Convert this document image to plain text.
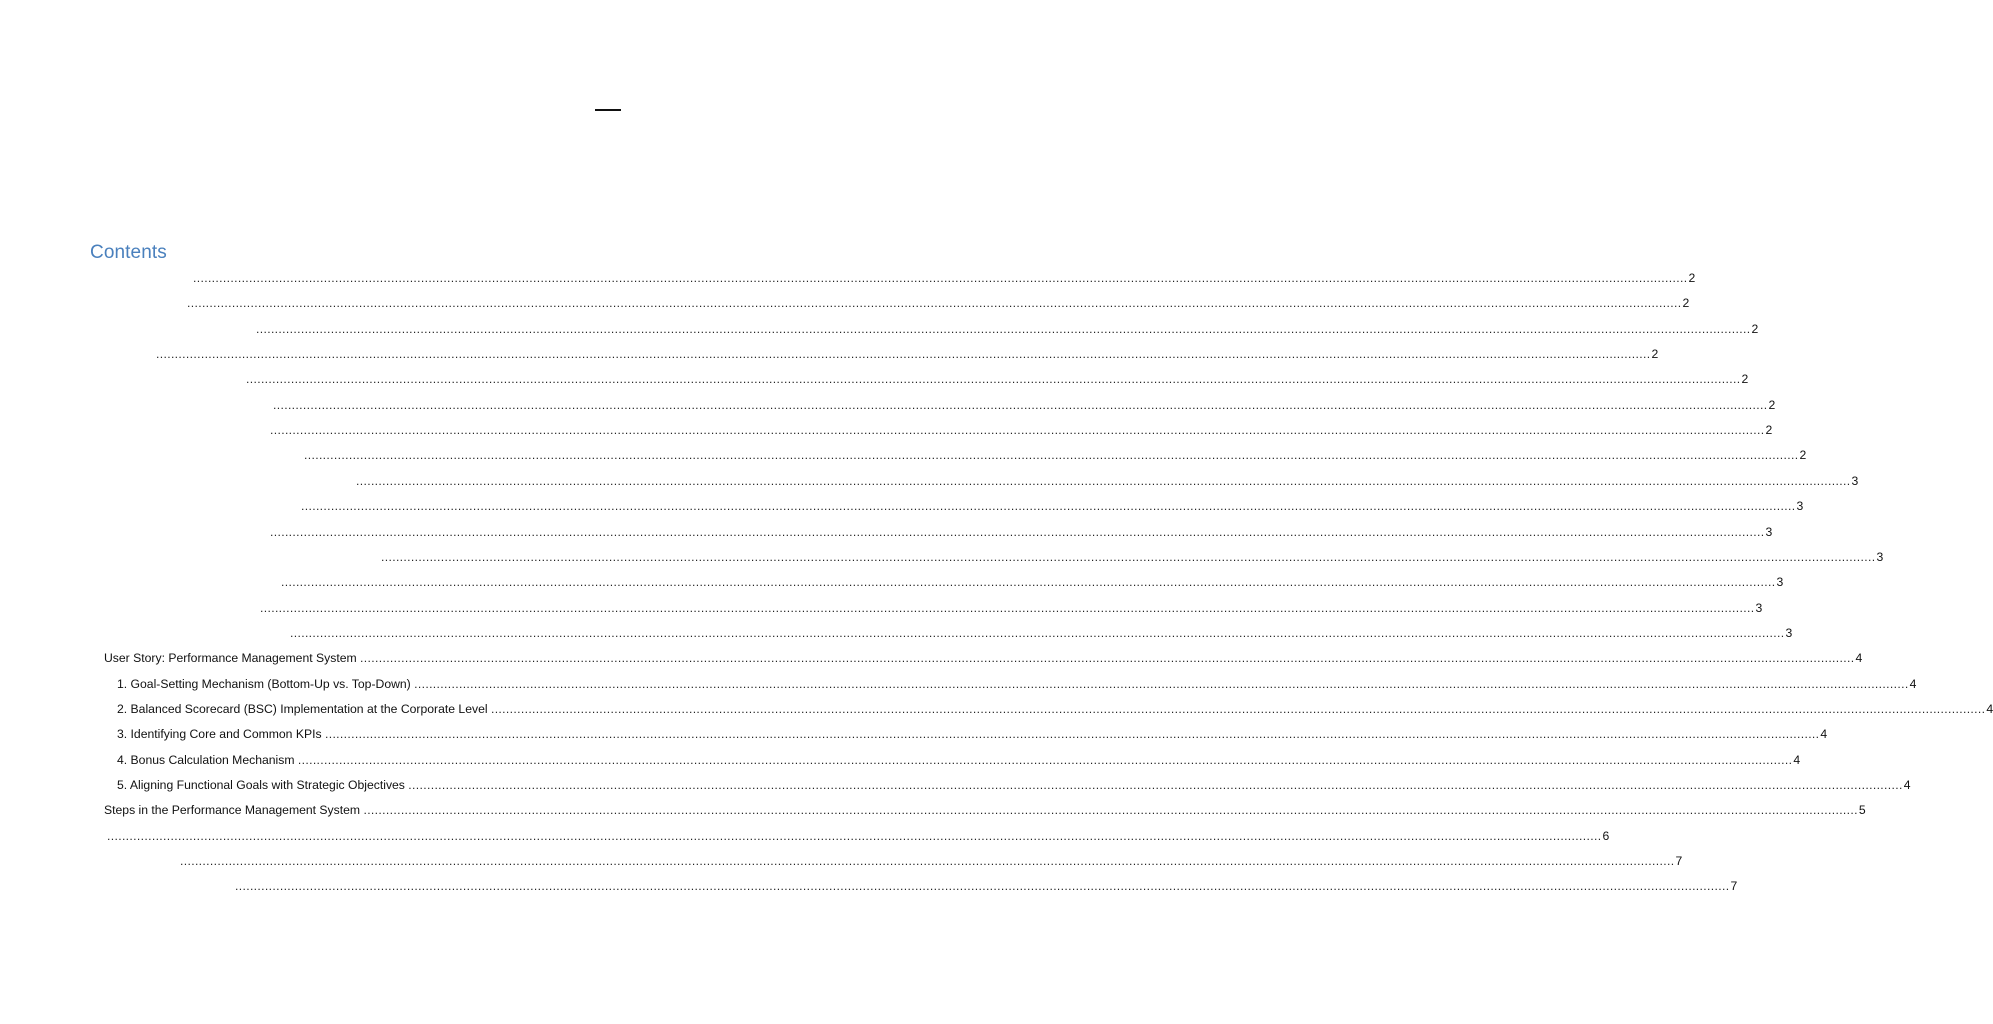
Contents
................................................................................................................................................................................................................................................................................................................................................................................................................ 2
................................................................................................................................................................................................................................................................................................................................................................................................................ 2
................................................................................................................................................................................................................................................................................................................................................................................................................ 2
................................................................................................................................................................................................................................................................................................................................................................................................................ 2
................................................................................................................................................................................................................................................................................................................................................................................................................ 2
................................................................................................................................................................................................................................................................................................................................................................................................................ 2
................................................................................................................................................................................................................................................................................................................................................................................................................ 2
................................................................................................................................................................................................................................................................................................................................................................................................................ 2
................................................................................................................................................................................................................................................................................................................................................................................................................ 3
................................................................................................................................................................................................................................................................................................................................................................................................................ 3
................................................................................................................................................................................................................................................................................................................................................................................................................ 3
................................................................................................................................................................................................................................................................................................................................................................................................................ 3
................................................................................................................................................................................................................................................................................................................................................................................................................ 3
................................................................................................................................................................................................................................................................................................................................................................................................................ 3
................................................................................................................................................................................................................................................................................................................................................................................................................ 3
User Story: Performance Management System ................................................................................................................................................................................................................................................................................................................................................................................................................ 4
1. Goal-Setting Mechanism (Bottom-Up vs. Top-Down) ................................................................................................................................................................................................................................................................................................................................................................................................................ 4
2. Balanced Scorecard (BSC) Implementation at the Corporate Level ................................................................................................................................................................................................................................................................................................................................................................................................................ 4
3. Identifying Core and Common KPIs ................................................................................................................................................................................................................................................................................................................................................................................................................ 4
4. Bonus Calculation Mechanism ................................................................................................................................................................................................................................................................................................................................................................................................................ 4
5. Aligning Functional Goals with Strategic Objectives ................................................................................................................................................................................................................................................................................................................................................................................................................ 4
Steps in the Performance Management System ................................................................................................................................................................................................................................................................................................................................................................................................................ 5
................................................................................................................................................................................................................................................................................................................................................................................................................ 6
................................................................................................................................................................................................................................................................................................................................................................................................................ 7
................................................................................................................................................................................................................................................................................................................................................................................................................ 7
